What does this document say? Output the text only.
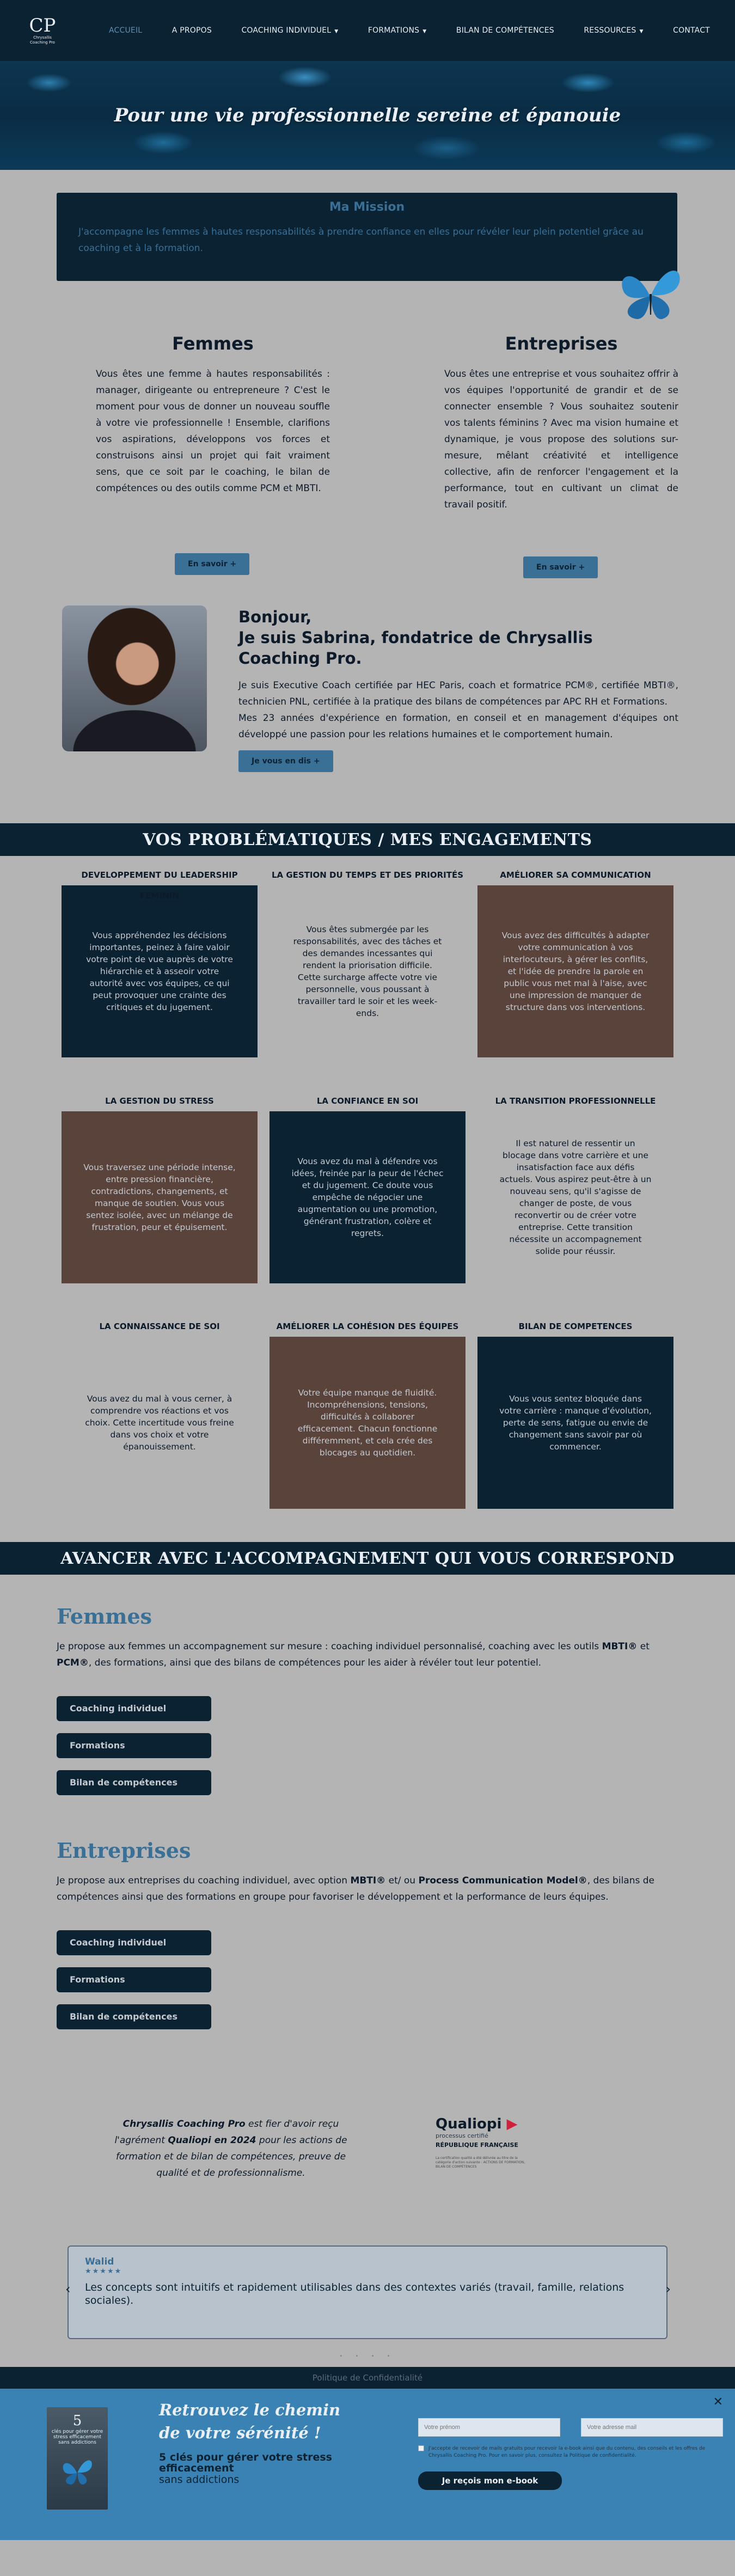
CP
Chrysallis Coaching Pro
ACCUEIL	A PROPOS	COACHING INDIVIDUEL ▼	FORMATIONS ▼	BILAN DE COMPÉTENCES	RESSOURCES ▼	CONTACT
Pour une vie professionnelle sereine et épanouie
Ma Mission

J'accompagne les femmes à hautes responsabilités à prendre confiance en elles pour révéler leur plein potentiel grâce au coaching et à la formation.

Femmes

Vous êtes une femme à hautes responsabilités : manager, dirigeante ou entrepreneure ? C'est le moment pour vous de donner un nouveau souffle à votre vie professionnelle ! Ensemble, clarifions vos aspirations, développons vos forces et construisons ainsi un projet qui fait vraiment sens, que ce soit par le coaching, le bilan de compétences ou des outils comme PCM et MBTI.

En savoir +
Entreprises

Vous êtes une entreprise et vous souhaitez offrir à vos équipes l'opportunité de grandir et de se connecter ensemble ? Vous souhaitez soutenir vos talents féminins ? Avec ma vision humaine et dynamique, je vous propose des solutions sur-mesure, mêlant créativité et intelligence collective, afin de renforcer l'engagement et la performance, tout en cultivant un climat de travail positif.

En savoir +
Bonjour,
Je suis Sabrina, fondatrice de Chrysallis Coaching Pro.

Je suis Executive Coach certifiée par HEC Paris, coach et formatrice PCM®, certifiée MBTI®, technicien PNL, certifiée à la pratique des bilans de compétences par APC RH et Formations.

Mes 23 années d'expérience en formation, en conseil et en management d'équipes ont développé une passion pour les relations humaines et le comportement humain.

Je vous en dis +
VOS PROBLÉMATIQUES / MES ENGAGEMENTS
DEVELOPPEMENT DU LEADERSHIP FEMININ

Vous appréhendez les décisions importantes, peinez à faire valoir votre point de vue auprès de votre hiérarchie et à asseoir votre autorité avec vos équipes, ce qui peut provoquer une crainte des critiques et du jugement.

LA GESTION DU TEMPS ET DES PRIORITÉS

Vous êtes submergée par les responsabilités, avec des tâches et des demandes incessantes qui rendent la priorisation difficile. Cette surcharge affecte votre vie personnelle, vous poussant à travailler tard le soir et les week-ends.

AMÉLIORER SA COMMUNICATION

Vous avez des difficultés à adapter votre communication à vos interlocuteurs, à gérer les conflits, et l'idée de prendre la parole en public vous met mal à l'aise, avec une impression de manquer de structure dans vos interventions.

LA GESTION DU STRESS

Vous traversez une période intense, entre pression financière, contradictions, changements, et manque de soutien. Vous vous sentez isolée, avec un mélange de frustration, peur et épuisement.

LA CONFIANCE EN SOI

Vous avez du mal à défendre vos idées, freinée par la peur de l'échec et du jugement. Ce doute vous empêche de négocier une augmentation ou une promotion, générant frustration, colère et regrets.

LA TRANSITION PROFESSIONNELLE

Il est naturel de ressentir un blocage dans votre carrière et une insatisfaction face aux défis actuels. Vous aspirez peut-être à un nouveau sens, qu'il s'agisse de changer de poste, de vous reconvertir ou de créer votre entreprise. Cette transition nécessite un accompagnement solide pour réussir.

LA CONNAISSANCE DE SOI

Vous avez du mal à vous cerner, à comprendre vos réactions et vos choix. Cette incertitude vous freine dans vos choix et votre épanouissement.

AMÉLIORER LA COHÉSION DES ÉQUIPES

Votre équipe manque de fluidité. Incompréhensions, tensions, difficultés à collaborer efficacement. Chacun fonctionne différemment, et cela crée des blocages au quotidien.

BILAN DE COMPETENCES

Vous vous sentez bloquée dans votre carrière : manque d'évolution, perte de sens, fatigue ou envie de changement sans savoir par où commencer.

AVANCER AVEC L'ACCOMPAGNEMENT QUI VOUS CORRESPOND
Femmes

Je propose aux femmes un accompagnement sur mesure : coaching individuel personnalisé, coaching avec les outils MBTI® et PCM®, des formations, ainsi que des bilans de compétences pour les aider à révéler tout leur potentiel.

Coaching individuel
Formations
Bilan de compétences
Entreprises

Je propose aux entreprises du coaching individuel, avec option MBTI® et/ ou Process Communication Model®, des bilans de compétences ainsi que des formations en groupe pour favoriser le développement et la performance de leurs équipes.

Coaching individuel
Formations
Bilan de compétences

Chrysallis Coaching Pro est fier d'avoir reçu l'agrément Qualiopi en 2024 pour les actions de formation et de bilan de compétences, preuve de qualité et de professionnalisme.

Qualiopi ▶
processus certifié
RÉPUBLIQUE FRANÇAISE
La certification qualité a été délivrée au titre de la catégorie d'action suivante : ACTIONS DE FORMATION, BILAN DE COMPÉTENCES
Walid
★★★★★
Les concepts sont intuitifs et rapidement utilisables dans des contextes variés (travail, famille, relations sociales).
‹	›
• • • •
Politique de Confidentialité
5
clés pour gérer votre stress efficacement sans addictions
Retrouvez le chemin de votre sérénité !
5 clés pour gérer votre stress efficacement
sans addictions
Votre prénom
Votre adresse mail
J'accepte de recevoir de mails gratuits pour recevoir la e-book ainsi que du contenu, des conseils et les offres de Chrysallis Coaching Pro. Pour en savoir plus, consultez la Politique de confidentialité.
Je reçois mon e-book
✕
